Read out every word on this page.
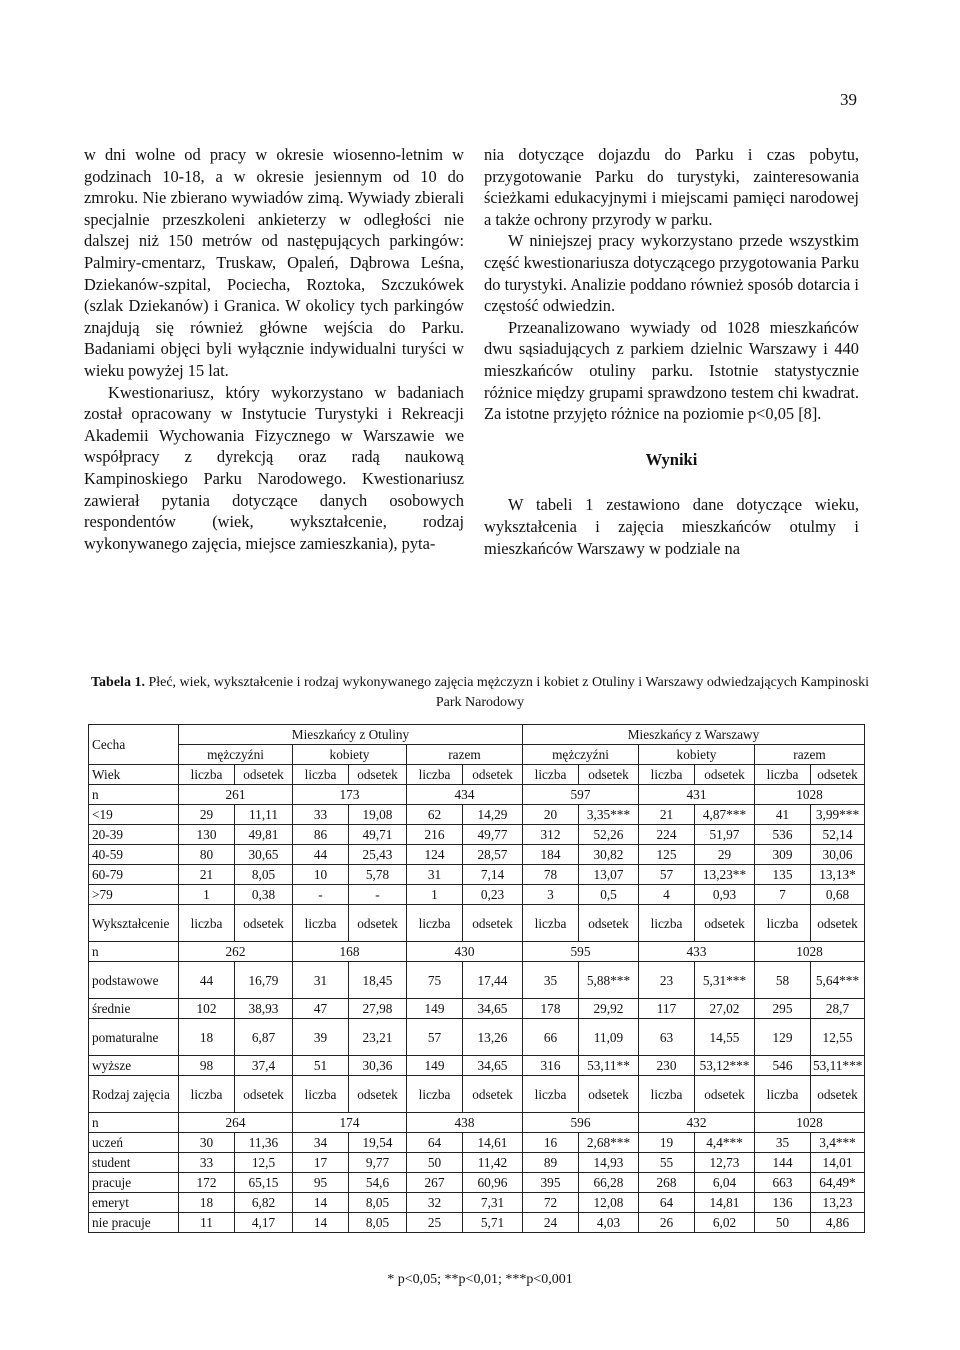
39

w dni wolne od pracy w okresie wiosenno-letnim w godzinach 10-18, a w okresie jesiennym od 10 do zmroku. Nie zbierano wywiadów zimą. Wywiady zbierali specjalnie przeszkoleni ankieterzy w odległości nie dalszej niż 150 metrów od następujących parkingów: Palmiry-cmentarz, Truskaw, Opaleń, Dąbrowa Leśna, Dziekanów-szpital, Pociecha, Roztoka, Szczukówek (szlak Dziekanów) i Granica. W okolicy tych parkingów znajdują się również główne wejścia do Parku. Badaniami objęci byli wyłącznie indywidualni turyści w wieku powyżej 15 lat.

Kwestionariusz, który wykorzystano w badaniach został opracowany w Instytucie Turystyki i Rekreacji Akademii Wychowania Fizycznego w Warszawie we współpracy z dyrekcją oraz radą naukową Kampinoskiego Parku Narodowego. Kwestionariusz zawierał pytania dotyczące danych osobowych respondentów (wiek, wykształcenie, rodzaj wykonywanego zajęcia, miejsce zamieszkania), pyta-

nia dotyczące dojazdu do Parku i czas pobytu, przygotowanie Parku do turystyki, zainteresowania ścieżkami edukacyjnymi i miejscami pamięci narodowej a także ochrony przyrody w parku.

W niniejszej pracy wykorzystano przede wszystkim część kwestionariusza dotyczącego przygotowania Parku do turystyki. Analizie poddano również sposób dotarcia i częstość odwiedzin.

Przeanalizowano wywiady od 1028 mieszkańców dwu sąsiadujących z parkiem dzielnic Warszawy i 440 mieszkańców otuliny parku. Istotnie statystycznie różnice między grupami sprawdzono testem chi kwadrat. Za istotne przyjęto różnice na poziomie p<0,05 [8].

Wyniki

W tabeli 1 zestawiono dane dotyczące wieku, wykształcenia i zajęcia mieszkańców otulmy i mieszkańców Warszawy w podziale na

Tabela 1. Płeć, wiek, wykształcenie i rodzaj wykonywanego zajęcia mężczyzn i kobiet z Otuliny i Warszawy odwiedzających Kampinoski Park Narodowy
Cecha	Mieszkańcy z Otuliny						Mieszkańcy z Warszawy					
	mężczyźni		kobiety		razem		mężczyźni		kobiety		razem	
Wiek	liczba	odsetek	liczba	odsetek	liczba	odsetek	liczba	odsetek	liczba	odsetek	liczba	odsetek
n	261		173		434		597		431		1028	
<19	29	11,11	33	19,08	62	14,29	20	3,35***	21	4,87***	41	3,99***
20-39	130	49,81	86	49,71	216	49,77	312	52,26	224	51,97	536	52,14
40-59	80	30,65	44	25,43	124	28,57	184	30,82	125	29	309	30,06
60-79	21	8,05	10	5,78	31	7,14	78	13,07	57	13,23**	135	13,13*
>79	1	0,38	-	-	1	0,23	3	0,5	4	0,93	7	0,68
Wykształcenie	liczba	odsetek	liczba	odsetek	liczba	odsetek	liczba	odsetek	liczba	odsetek	liczba	odsetek
n	262		168		430		595		433		1028	
podstawowe	44	16,79	31	18,45	75	17,44	35	5,88***	23	5,31***	58	5,64***
średnie	102	38,93	47	27,98	149	34,65	178	29,92	117	27,02	295	28,7
pomaturalne	18	6,87	39	23,21	57	13,26	66	11,09	63	14,55	129	12,55
wyższe	98	37,4	51	30,36	149	34,65	316	53,11**	230	53,12***	546	53,11***
Rodzaj zajęcia	liczba	odsetek	liczba	odsetek	liczba	odsetek	liczba	odsetek	liczba	odsetek	liczba	odsetek
n	264		174		438		596		432		1028	
uczeń	30	11,36	34	19,54	64	14,61	16	2,68***	19	4,4***	35	3,4***
student	33	12,5	17	9,77	50	11,42	89	14,93	55	12,73	144	14,01
pracuje	172	65,15	95	54,6	267	60,96	395	66,28	268	6,04	663	64,49*
emeryt	18	6,82	14	8,05	32	7,31	72	12,08	64	14,81	136	13,23
nie pracuje	11	4,17	14	8,05	25	5,71	24	4,03	26	6,02	50	4,86
* p<0,05; **p<0,01; ***p<0,001
